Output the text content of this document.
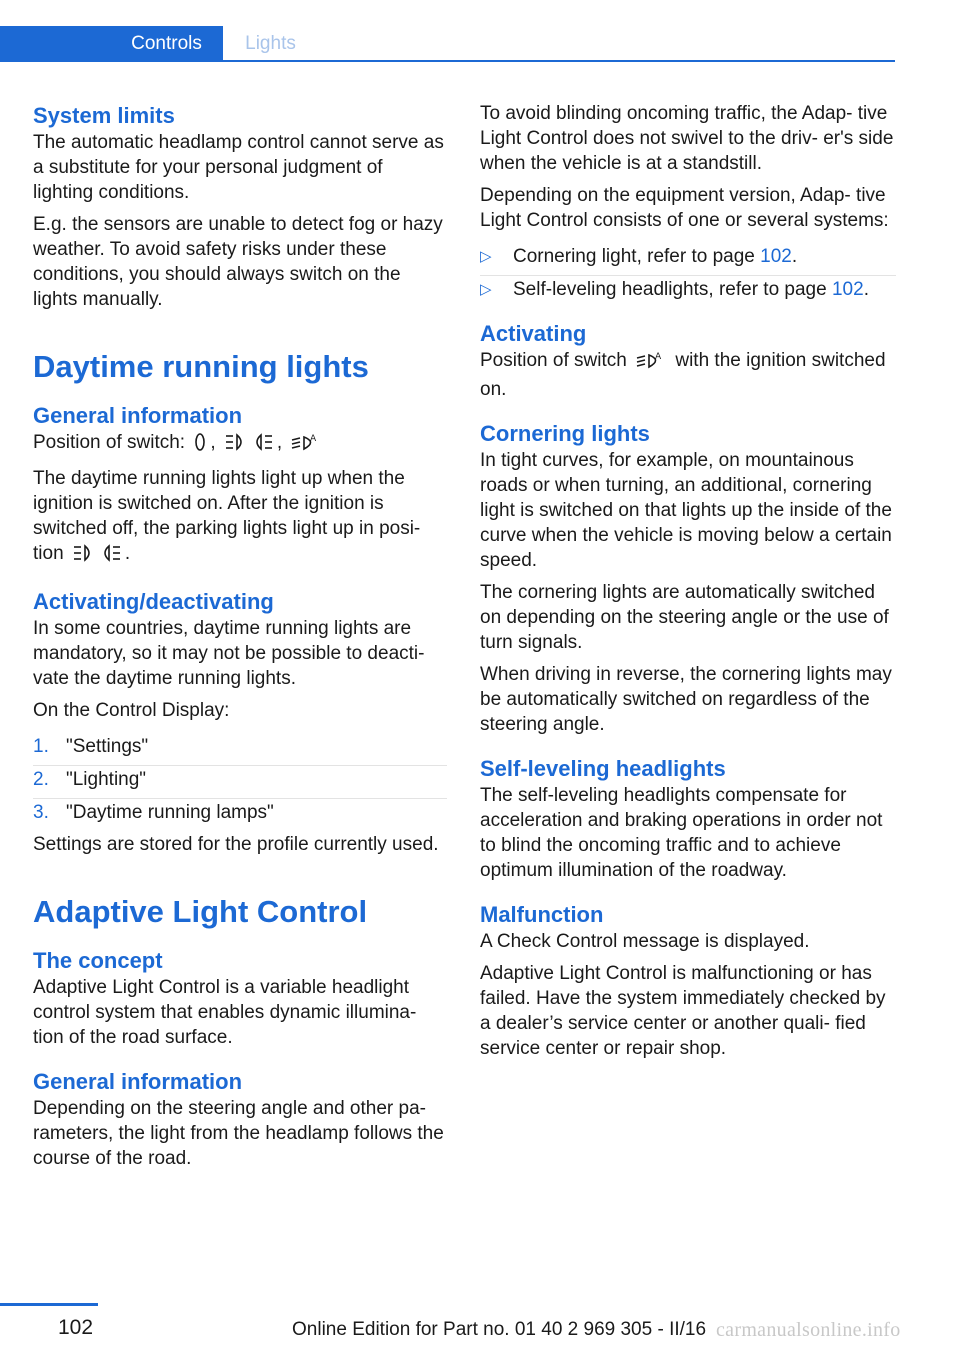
Controls	Lights
System limits

The automatic headlamp control cannot serve as a substitute for your personal judgment of lighting conditions.

E.g. the sensors are unable to detect fog or hazy weather. To avoid safety risks under these conditions, you should always switch on the lights manually.

Daytime running lights
General information

Position of switch: ,	,	A

The daytime running lights light up when the ignition is switched on. After the ignition is switched off, the parking lights light up in posi‐ tion	.

Activating/deactivating

In some countries, daytime running lights are mandatory, so it may not be possible to deacti‐ vate the daytime running lights.

On the Control Display:

1. "Settings"
2. "Lighting"
3. "Daytime running lamps"

Settings are stored for the profile currently used.

Adaptive Light Control
The concept

Adaptive Light Control is a variable headlight control system that enables dynamic illumina‐ tion of the road surface.

General information

Depending on the steering angle and other pa‐ rameters, the light from the headlamp follows the course of the road.

To avoid blinding oncoming traffic, the Adap‐ tive Light Control does not swivel to the driv‐ er's side when the vehicle is at a standstill.

Depending on the equipment version, Adap‐ tive Light Control consists of one or several systems:

▷ Cornering light, refer to page 102.
▷ Self-leveling headlights, refer to page 102.
Activating

Position of switch	A with the ignition switched on.

Cornering lights

In tight curves, for example, on mountainous roads or when turning, an additional, cornering light is switched on that lights up the inside of the curve when the vehicle is moving below a certain speed.

The cornering lights are automatically switched on depending on the steering angle or the use of turn signals.

When driving in reverse, the cornering lights may be automatically switched on regardless of the steering angle.

Self-leveling headlights

The self-leveling headlights compensate for acceleration and braking operations in order not to blind the oncoming traffic and to achieve optimum illumination of the roadway.

Malfunction

A Check Control message is displayed.

Adaptive Light Control is malfunctioning or has failed. Have the system immediately checked by a dealer’s service center or another quali‐ fied service center or repair shop.

102	Online Edition for Part no. 01 40 2 969 305 - II/16 carmanualsonline.info
